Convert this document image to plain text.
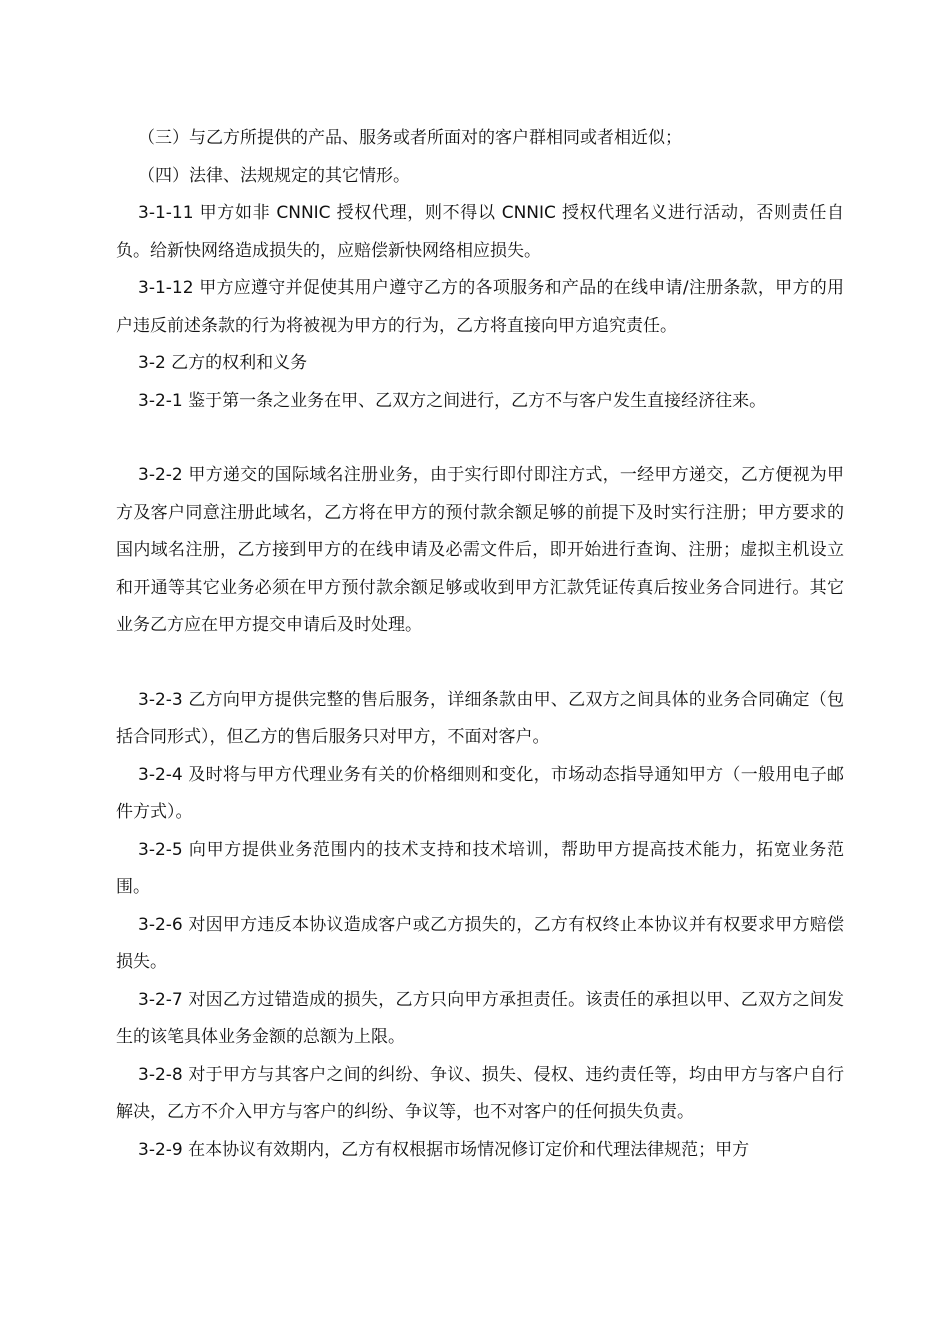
（三）与乙方所提供的产品、服务或者所面对的客户群相同或者相近似；

（四）法律、法规规定的其它情形。

3-1-11 甲方如非 CNNIC 授权代理，则不得以 CNNIC 授权代理名义进行活动，否则责任自负。给新快网络造成损失的，应赔偿新快网络相应损失。

3-1-12 甲方应遵守并促使其用户遵守乙方的各项服务和产品的在线申请/注册条款，甲方的用户违反前述条款的行为将被视为甲方的行为，乙方将直接向甲方追究责任。

3-2 乙方的权利和义务

3-2-1 鉴于第一条之业务在甲、乙双方之间进行，乙方不与客户发生直接经济往来。

3-2-2 甲方递交的国际域名注册业务，由于实行即付即注方式，一经甲方递交，乙方便视为甲方及客户同意注册此域名，乙方将在甲方的预付款余额足够的前提下及时实行注册；甲方要求的国内域名注册，乙方接到甲方的在线申请及必需文件后，即开始进行查询、注册；虚拟主机设立和开通等其它业务必须在甲方预付款余额足够或收到甲方汇款凭证传真后按业务合同进行。其它业务乙方应在甲方提交申请后及时处理。

3-2-3 乙方向甲方提供完整的售后服务，详细条款由甲、乙双方之间具体的业务合同确定（包括合同形式），但乙方的售后服务只对甲方，不面对客户。

3-2-4 及时将与甲方代理业务有关的价格细则和变化，市场动态指导通知甲方（一般用电子邮件方式）。

3-2-5 向甲方提供业务范围内的技术支持和技术培训，帮助甲方提高技术能力，拓宽业务范围。

3-2-6 对因甲方违反本协议造成客户或乙方损失的，乙方有权终止本协议并有权要求甲方赔偿损失。

3-2-7 对因乙方过错造成的损失，乙方只向甲方承担责任。该责任的承担以甲、乙双方之间发生的该笔具体业务金额的总额为上限。

3-2-8 对于甲方与其客户之间的纠纷、争议、损失、侵权、违约责任等，均由甲方与客户自行解决，乙方不介入甲方与客户的纠纷、争议等，也不对客户的任何损失负责。

3-2-9 在本协议有效期内，乙方有权根据市场情况修订定价和代理法律规范；甲方
